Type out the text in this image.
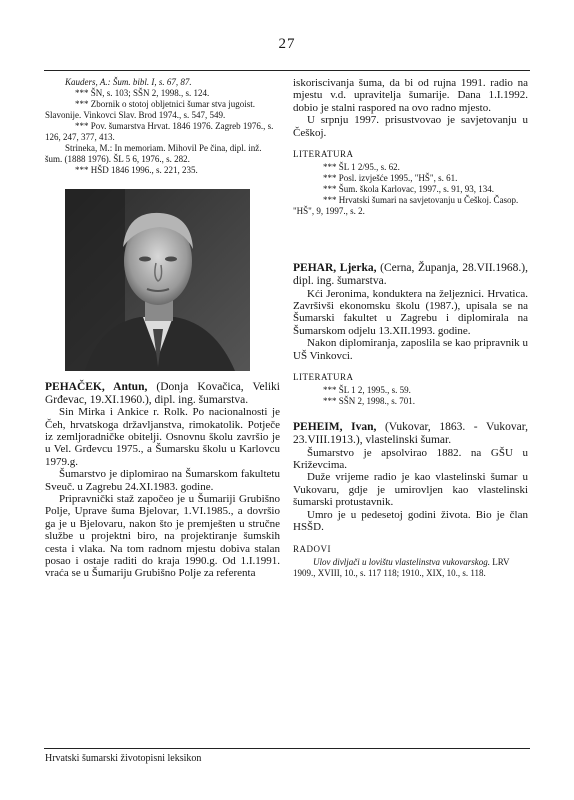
27

Kauders, A.: Šum. bibl. I, s. 67, 87.

*** ŠN, s. 103; SŠN 2, 1998., s. 124.

*** Zbornik o stotoj obljetnici šumar stva jugoist. Slavonije. Vinkovci Slav. Brod 1974., s. 547, 549.

*** Pov. šumarstva Hrvat. 1846 1976. Zagreb 1976., s. 126, 247, 377, 413.

Strineka, M.: In memoriam. Mihovil Pe čina, dipl. inž. šum. (1888 1976). ŠL 5 6, 1976., s. 282.

*** HŠD 1846 1996., s. 221, 235.

PEHAČEK, Antun, (Donja Kovačica, Veliki Grđevac, 19.XI.1960.), dipl. ing. šumarstva.

Sin Mirka i Ankice r. Rolk. Po nacionalnosti je Čeh, hrvatskoga državljanstva, rimokatolik. Potječe iz zemljoradničke obitelji. Osnovnu školu završio je u Vel. Grđevcu 1975., a Šumarsku školu u Karlovcu 1979.g.

Šumarstvo je diplomirao na Šumarskom fakultetu Sveuč. u Zagrebu 24.XI.1983. godine.

Pripravnički staž započeo je u Šumariji Grubišno Polje, Uprave šuma Bjelovar, 1.VI.1985., a dovršio ga je u Bjelovaru, nakon što je premješten u stručne službe u projektni biro, na projektiranje šumskih cesta i vlaka. Na tom radnom mjestu dobiva stalan posao i ostaje raditi do kraja 1990.g. Od 1.I.1991. vraća se u Šumariju Grubišno Polje za referenta

iskoriscivanja šuma, da bi od rujna 1991. radio na mjestu v.d. upravitelja šumarije. Dana 1.I.1992. dobio je stalni raspored na ovo radno mjesto.

U srpnju 1997. prisustvovao je savjetovanju u Češkoj.

LITERATURA

*** ŠL 1 2/95., s. 62.

*** Posl. izvješće 1995., "HŠ", s. 61.

*** Šum. škola Karlovac, 1997., s. 91, 93, 134.

*** Hrvatski šumari na savjetovanju u Češkoj. Časop. "HŠ", 9, 1997., s. 2.

PEHAR, Ljerka, (Cerna, Županja, 28.VII.1968.), dipl. ing. šumarstva.

Kći Jeronima, konduktera na željeznici. Hrvatica. Završivši ekonomsku školu (1987.), upisala se na Šumarski fakultet u Zagrebu i diplomirala na Šumarskom odjelu 13.XII.1993. godine.

Nakon diplomiranja, zaposlila se kao pripravnik u UŠ Vinkovci.

LITERATURA

*** ŠL 1 2, 1995., s. 59.

*** SŠN 2, 1998., s. 701.

PEHEIM, Ivan, (Vukovar, 1863. - Vukovar, 23.VIII.1913.), vlastelinski šumar.

Šumarstvo je apsolvirao 1882. na GŠU u Križevcima.

Duže vrijeme radio je kao vlastelinski šumar u Vukovaru, gdje je umirovljen kao vlastelinski šumarski protustavnik.

Umro je u pedesetoj godini života. Bio je član HSŠD.

RADOVI
Ulov divljači u lovištu vlastelinstva vukovarskog. LRV 1909., XVIII, 10., s. 117 118; 1910., XIX, 10., s. 118.
Hrvatski šumarski životopisni leksikon
